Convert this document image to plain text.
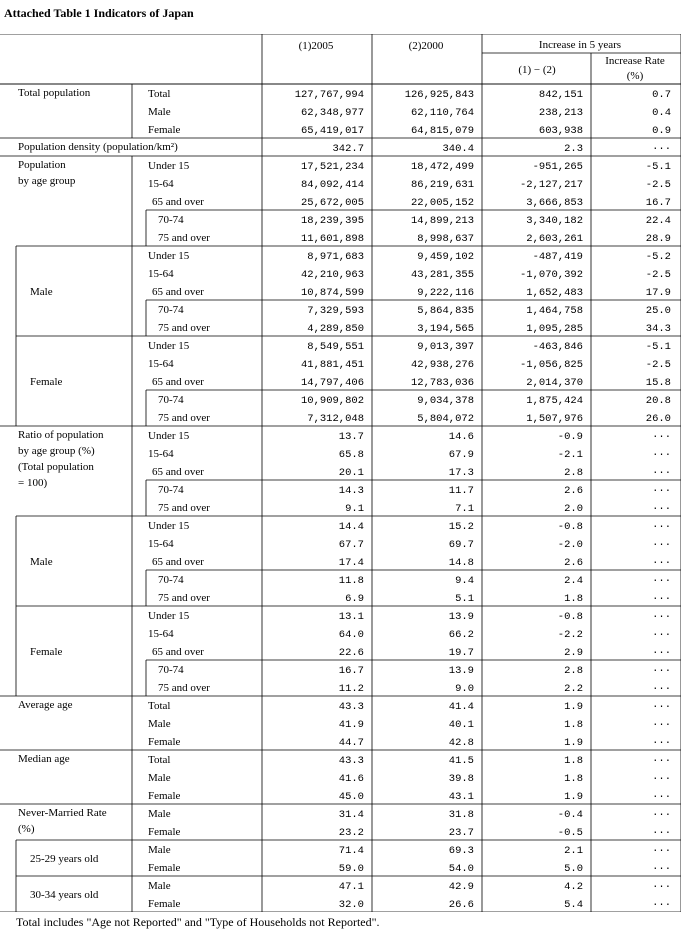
Attached Table 1 Indicators of Japan
(1)2005	(2)2000	Increase in 5 years
(1) − (2)
Increase Rate
(%)
Total population	Total	127,767,994	126,925,843	842,151	0.7
Male	62,348,977	62,110,764	238,213	0.4
Female	65,419,017	64,815,079	603,938	0.9
Population density (population/km²)	342.7	340.4	2.3	···
Population
by age group
Under 15	17,521,234	18,472,499	-951,265	-5.1
15-64	84,092,414	86,219,631	-2,127,217	-2.5
65 and over	25,672,005	22,005,152	3,666,853	16.7
70-74	18,239,395	14,899,213	3,340,182	22.4
75 and over	11,601,898	8,998,637	2,603,261	28.9
Male
Under 15	8,971,683	9,459,102	-487,419	-5.2
15-64	42,210,963	43,281,355	-1,070,392	-2.5
65 and over	10,874,599	9,222,116	1,652,483	17.9
70-74	7,329,593	5,864,835	1,464,758	25.0
75 and over	4,289,850	3,194,565	1,095,285	34.3
Female
Under 15	8,549,551	9,013,397	-463,846	-5.1
15-64	41,881,451	42,938,276	-1,056,825	-2.5
65 and over	14,797,406	12,783,036	2,014,370	15.8
70-74	10,909,802	9,034,378	1,875,424	20.8
75 and over	7,312,048	5,804,072	1,507,976	26.0
Ratio of population
by age group (%)
(Total population
= 100)
Under 15	13.7	14.6	-0.9	···
15-64	65.8	67.9	-2.1	···
65 and over	20.1	17.3	2.8	···
70-74	14.3	11.7	2.6	···
75 and over	9.1	7.1	2.0	···
Male
Under 15	14.4	15.2	-0.8	···
15-64	67.7	69.7	-2.0	···
65 and over	17.4	14.8	2.6	···
70-74	11.8	9.4	2.4	···
75 and over	6.9	5.1	1.8	···
Female
Under 15	13.1	13.9	-0.8	···
15-64	64.0	66.2	-2.2	···
65 and over	22.6	19.7	2.9	···
70-74	16.7	13.9	2.8	···
75 and over	11.2	9.0	2.2	···
Average age	Total	43.3	41.4	1.9	···
Male	41.9	40.1	1.8	···
Female	44.7	42.8	1.9	···
Median age	Total	43.3	41.5	1.8	···
Male	41.6	39.8	1.8	···
Female	45.0	43.1	1.9	···
Never-Married Rate
(%)
Male	31.4	31.8	-0.4	···
Female	23.2	23.7	-0.5	···
25-29 years old
Male	71.4	69.3	2.1	···
Female	59.0	54.0	5.0	···
30-34 years old
Male	47.1	42.9	4.2	···
Female	32.0	26.6	5.4	···
Total includes "Age not Reported" and "Type of Households not Reported".
